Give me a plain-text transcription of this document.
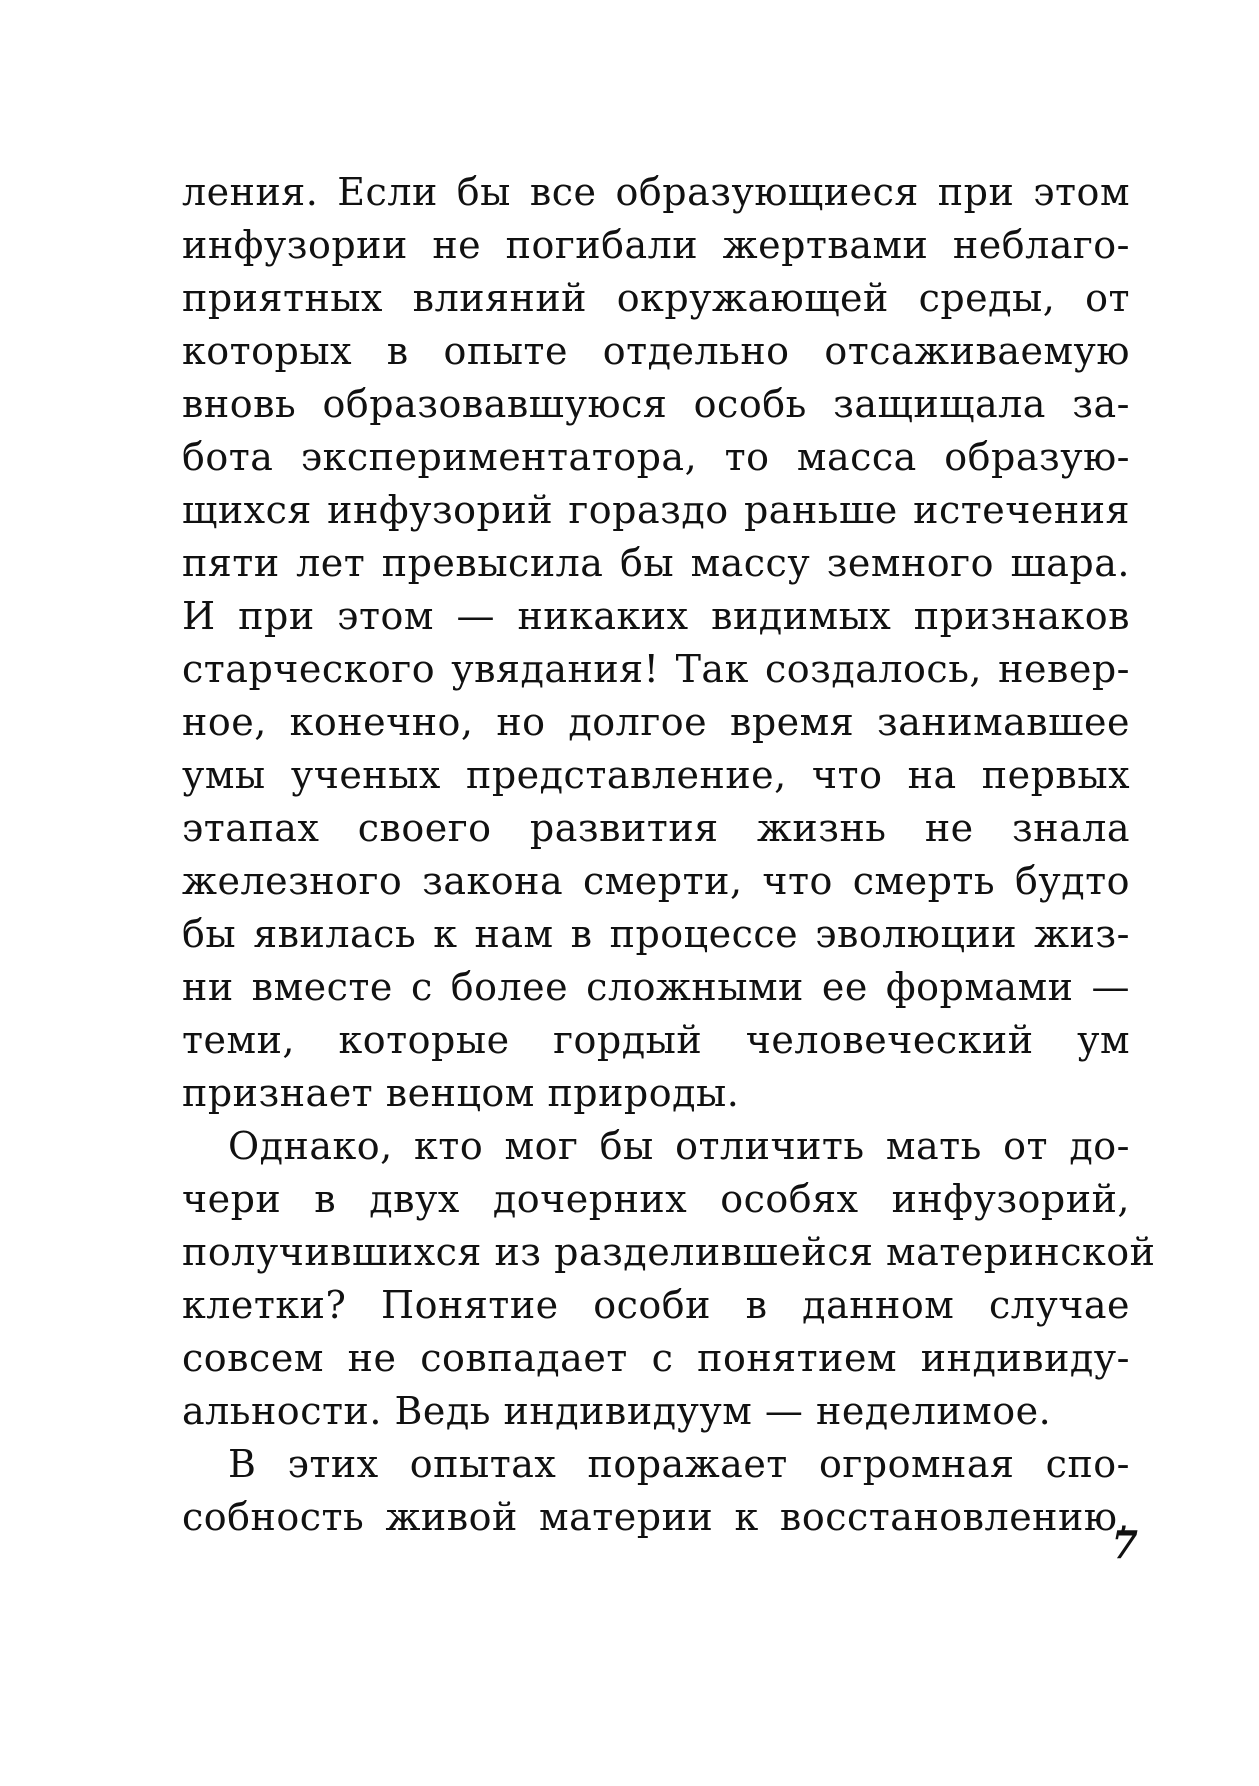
ления. Если бы все образующиеся при этом
инфузории не погибали жертвами неблаго-
приятных влияний окружающей среды, от
которых в опыте отдельно отсаживаемую
вновь образовавшуюся особь защищала за-
бота экспериментатора, то масса образую-
щихся инфузорий гораздо раньше истечения
пяти лет превысила бы массу земного шара.
И при этом — никаких видимых признаков
старческого увядания! Так создалось, невер-
ное, конечно, но долгое время занимавшее
умы ученых представление, что на первых
этапах своего развития жизнь не знала
железного закона смерти, что смерть будто
бы явилась к нам в процессе эволюции жиз-
ни вместе с более сложными ее формами —
теми, которые гордый человеческий ум
признает венцом природы.
Однако, кто мог бы отличить мать от до-
чери в двух дочерних особях инфузорий,
получившихся из разделившейся материнской
клетки? Понятие особи в данном случае
совсем не совпадает с понятием индивиду-
альности. Ведь индивидуум — неделимое.
В этих опытах поражает огромная спо-
собность живой материи к восстановлению,
7
